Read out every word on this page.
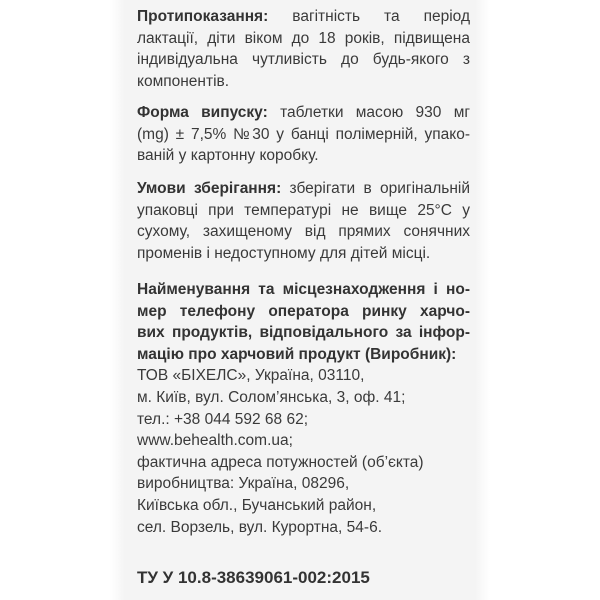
Протипоказання: вагітність та період
лактації, діти віком до 18 років, підвищена
індивідуальна чутливість до будь-якого з
компонентів.
Форма випуску: таблетки масою 930 мг
(mg) ± 7,5% №30 у банці полімерній, упако-
ваній у картонну коробку.
Умови зберігання: зберігати в оригінальній
упаковці при температурі не вище 25°С у
сухому, захищеному від прямих сонячних
променів і недоступному для дітей місці.
Найменування та місцезнаходження і но-
мер телефону оператора ринку харчо-
вих продуктів, відповідального за інфор-
мацію про харчовий продукт (Виробник):
ТОВ «БІХЕЛС», Україна, 03110,
м. Київ, вул. Солом’янська, 3, оф. 41;
тел.: +38 044 592 68 62;
www.behealth.com.ua;
фактична адреса потужностей (об’єкта)
виробництва: Україна, 08296,
Київська обл., Бучанський район,
сел. Ворзель, вул. Курортна, 54-6.
ТУ У 10.8-38639061-002:2015
